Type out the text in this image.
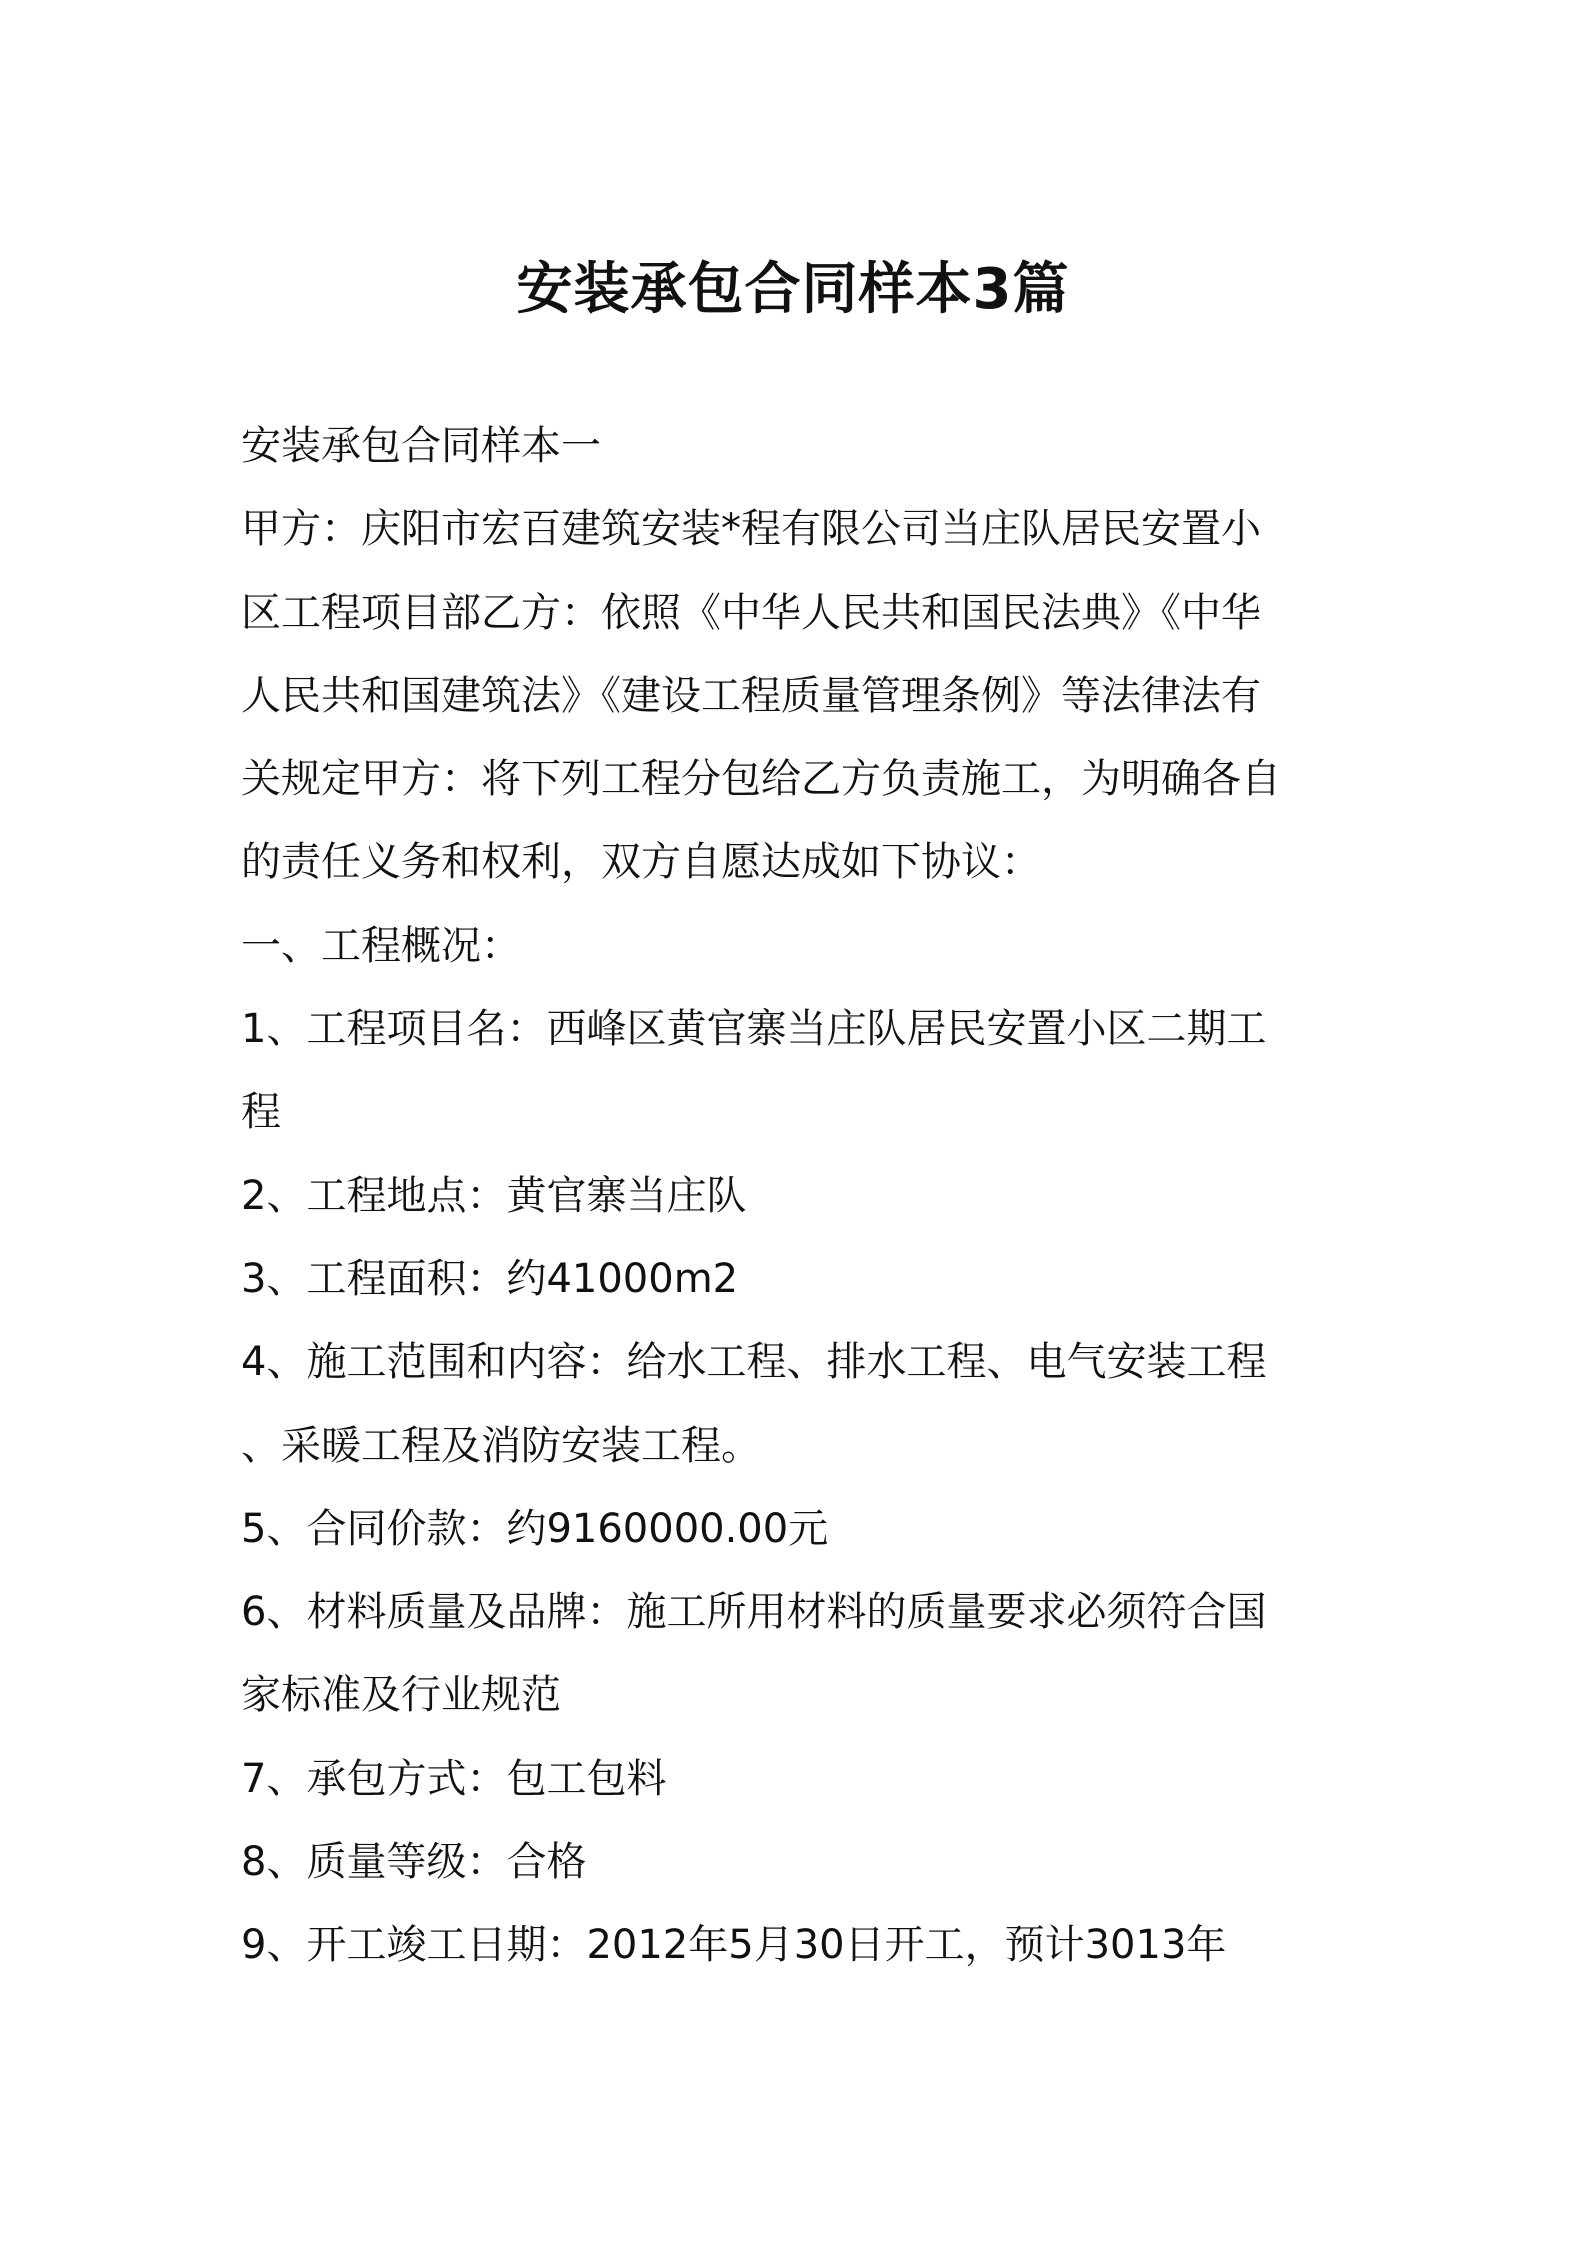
安装承包合同样本3篇
安装承包合同样本一
甲方：庆阳市宏百建筑安装*程有限公司当庄队居民安置小
区工程项目部乙方：依照《中华人民共和国民法典》《中华
人民共和国建筑法》《建设工程质量管理条例》等法律法有
关规定甲方：将下列工程分包给乙方负责施工，为明确各自
的责任义务和权利，双方自愿达成如下协议：
一、工程概况：
1、工程项目名：西峰区黄官寨当庄队居民安置小区二期工
程
2、工程地点：黄官寨当庄队
3、工程面积：约41000m2
4、施工范围和内容：给水工程、排水工程、电气安装工程
、采暖工程及消防安装工程。
5、合同价款：约9160000.00元
6、材料质量及品牌：施工所用材料的质量要求必须符合国
家标准及行业规范
7、承包方式：包工包料
8、质量等级：合格
9、开工竣工日期：2012年5月30日开工，预计3013年
